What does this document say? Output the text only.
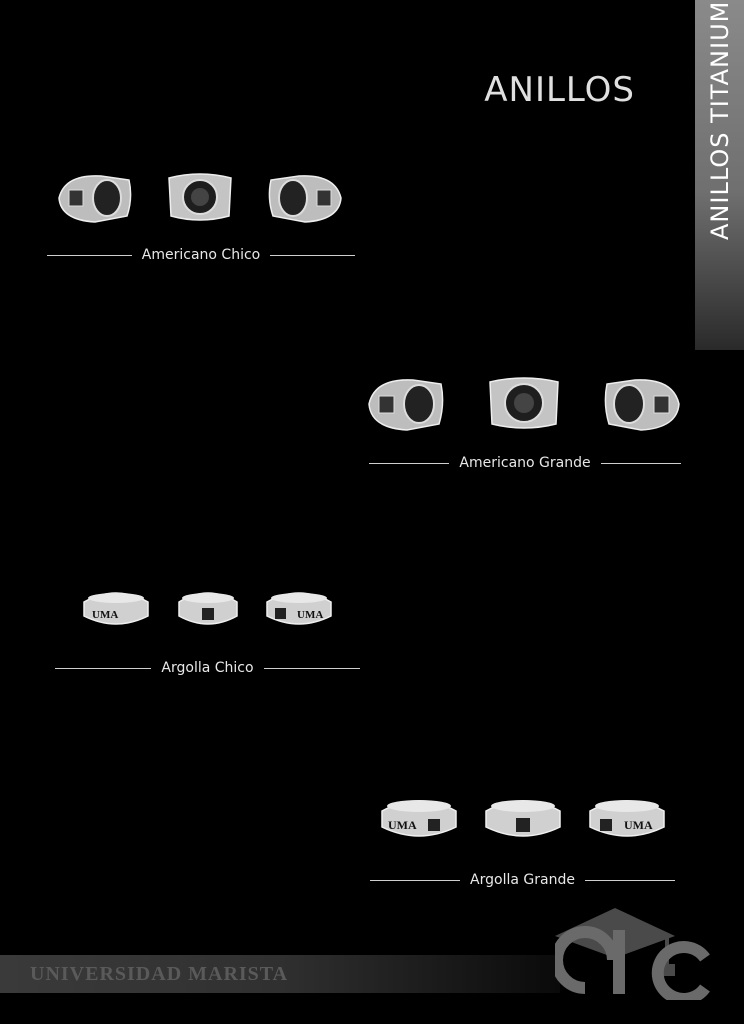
ANILLOS TITANIUM
ANILLOS
Americano Chico
Americano Grande
UMA	UMA
Argolla Chico
UMA	UMA
Argolla Grande
UNIVERSIDAD MARISTA
